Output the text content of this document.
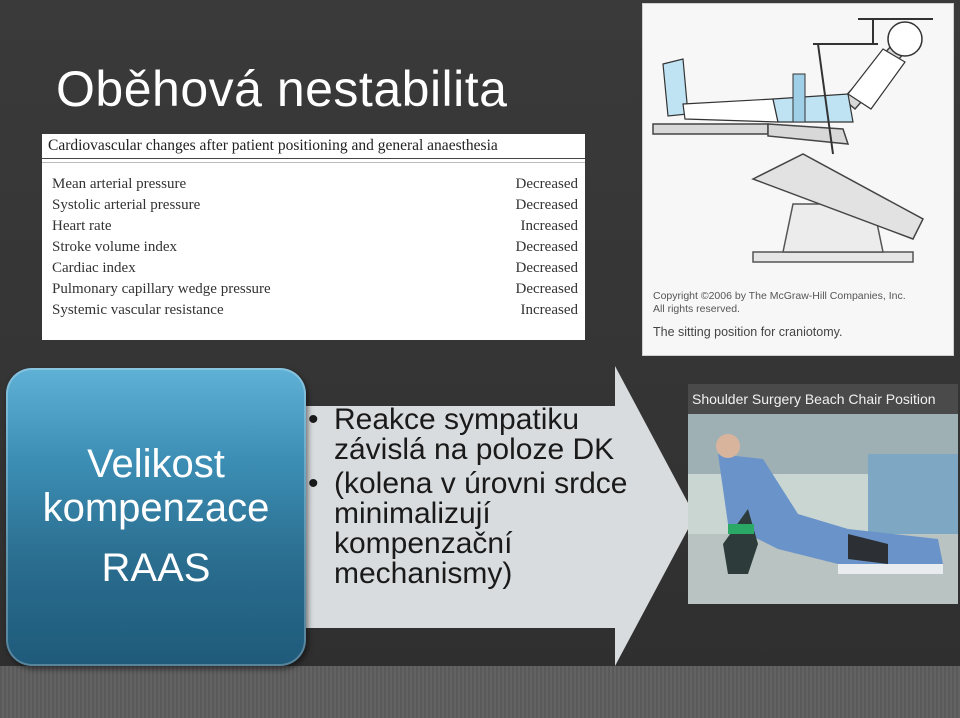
Oběhová nestabilita
Cardiovascular changes after patient positioning and general anaesthesia
Mean arterial pressure	Decreased
Systolic arterial pressure	Decreased
Heart rate	Increased
Stroke volume index	Decreased
Cardiac index	Decreased
Pulmonary capillary wedge pressure	Decreased
Systemic vascular resistance	Increased
Copyright ©2006 by The McGraw-Hill Companies, Inc.
All rights reserved.
The sitting position for craniotomy.
• Reakce sympatiku závislá na poloze DK
• (kolena v úrovni srdce minimalizují kompenzační mechanismy)
Velikost kompenzace
RAAS
Shoulder Surgery Beach Chair Position
